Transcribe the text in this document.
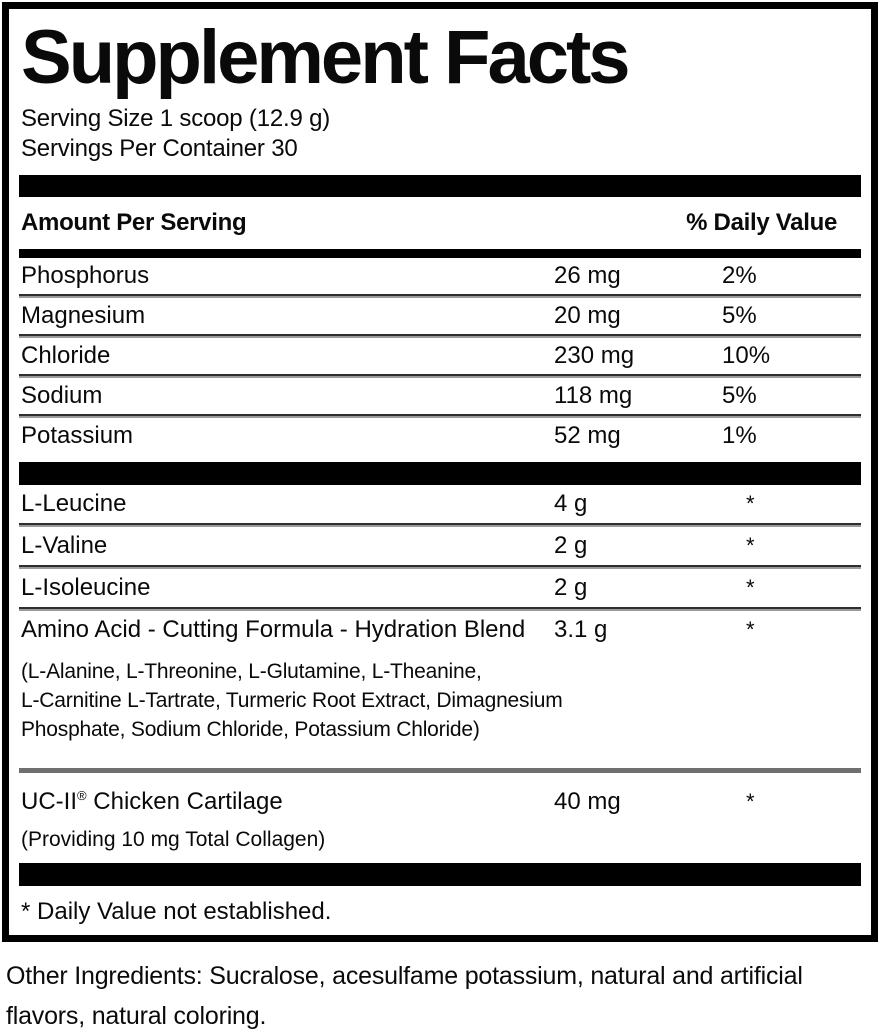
Supplement Facts
Serving Size 1 scoop (12.9 g)
Servings Per Container 30
Amount Per Serving	% Daily Value
Phosphorus	26 mg	2%
Magnesium	20 mg	5%
Chloride	230 mg	10%
Sodium	118 mg	5%
Potassium	52 mg	1%
L-Leucine	4 g	*
L-Valine	2 g	*
L-Isoleucine	2 g	*
Amino Acid - Cutting Formula - Hydration Blend	3.1 g	*
(L-Alanine, L-Threonine, L-Glutamine, L-Theanine,
L-Carnitine L-Tartrate, Turmeric Root Extract, Dimagnesium
Phosphate, Sodium Chloride, Potassium Chloride)
UC-II® Chicken Cartilage	40 mg	*
(Providing 10 mg Total Collagen)
* Daily Value not established.
Other Ingredients: Sucralose, acesulfame potassium, natural and artificial flavors, natural coloring.
